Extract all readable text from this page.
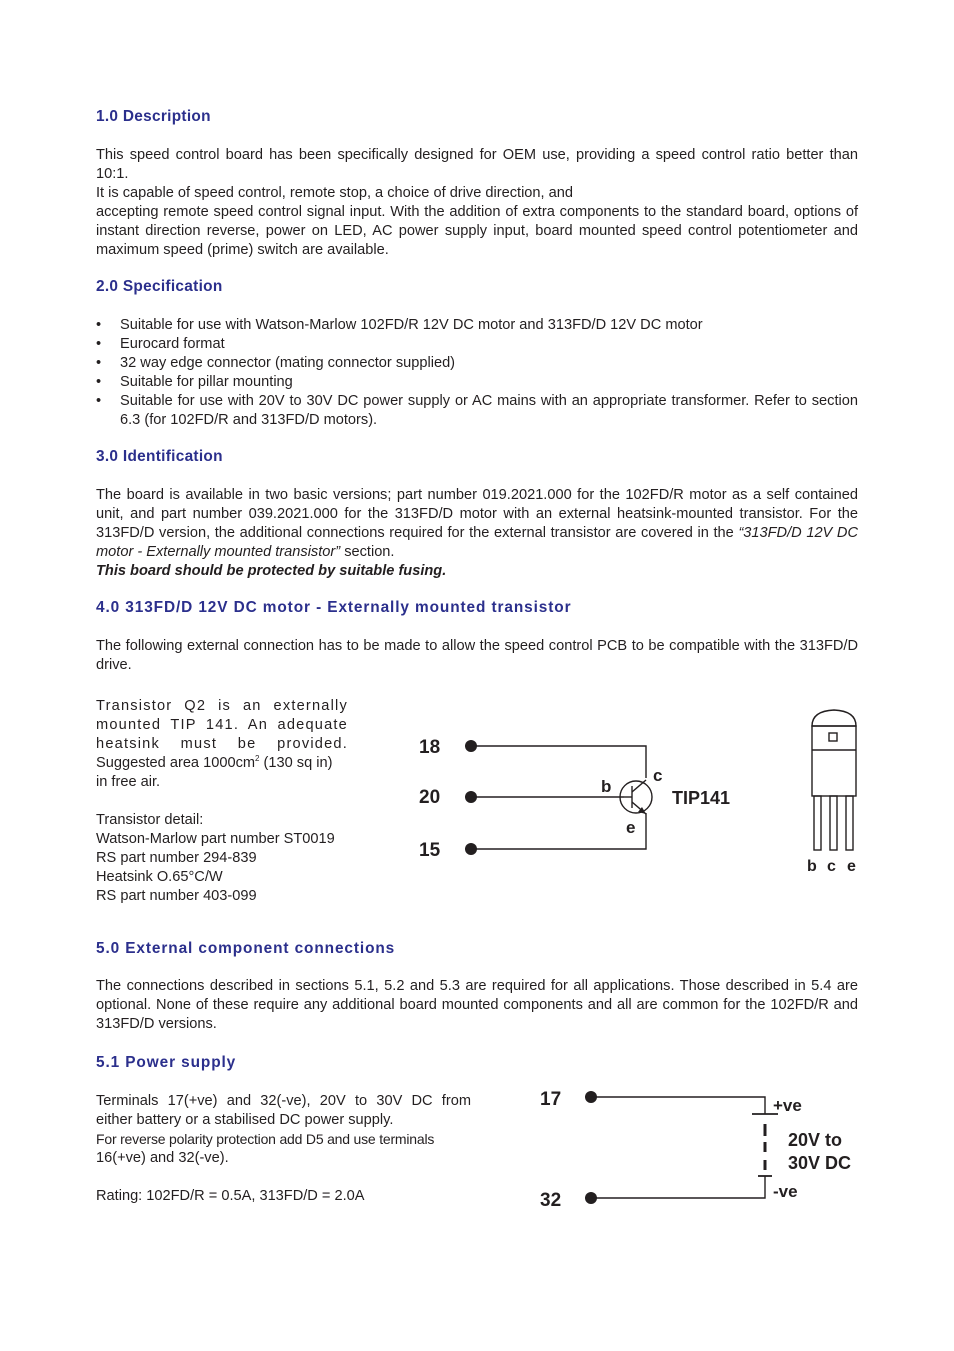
1.0 Description

This speed control board has been specifically designed for OEM use, providing a speed control ratio better than 10:1.

It is capable of speed control, remote stop, a choice of drive direction, and

accepting remote speed control signal input. With the addition of extra components to the standard board, options of instant direction reverse, power on LED, AC power supply input, board mounted speed control potentiometer and maximum speed (prime) switch are available.

2.0 Specification
• Suitable for use with Watson-Marlow 102FD/R 12V DC motor and 313FD/D 12V DC motor
• Eurocard format
• 32 way edge connector (mating connector supplied)
• Suitable for pillar mounting
• Suitable for use with 20V to 30V DC power supply or AC mains with an appropriate transformer. Refer to section 6.3 (for 102FD/R and 313FD/D motors).
3.0 Identification

The board is available in two basic versions; part number 019.2021.000 for the 102FD/R motor as a self contained unit, and part number 039.2021.000 for the 313FD/D motor with an external heatsink-mounted transistor. For the 313FD/D version, the additional connections required for the external transistor are covered in the “313FD/D 12V DC motor - Externally mounted transistor” section.

This board should be protected by suitable fusing.

4.0 313FD/D 12V DC motor - Externally mounted transistor

The following external connection has to be made to allow the speed control PCB to be compatible with the 313FD/D drive.

Transistor Q2 is an externally
mounted TIP 141. An adequate
heatsink must be provided.
Suggested area $1000cm^2$ (130 sq in)
in free air.
Transistor detail:
Watson-Marlow part number ST0019
RS part number 294-839
Heatsink O.65°C/W
RS part number 403-099
18
20
15
b
c
e
TIP141
b c e
5.0 External component connections

The connections described in sections 5.1, 5.2 and 5.3 are required for all applications. Those described in 5.4 are optional. None of these require any additional board mounted components and all are common for the 102FD/R and 313FD/D versions.

5.1 Power supply
Terminals 17(+ve) and 32(-ve), 20V to 30V DC from
either battery or a stabilised DC power supply.
For reverse polarity protection add D5 and use terminals
16(+ve) and 32(-ve).
Rating: 102FD/R = 0.5A, 313FD/D = 2.0A
17
32
+ve
-ve
20V to
30V DC
